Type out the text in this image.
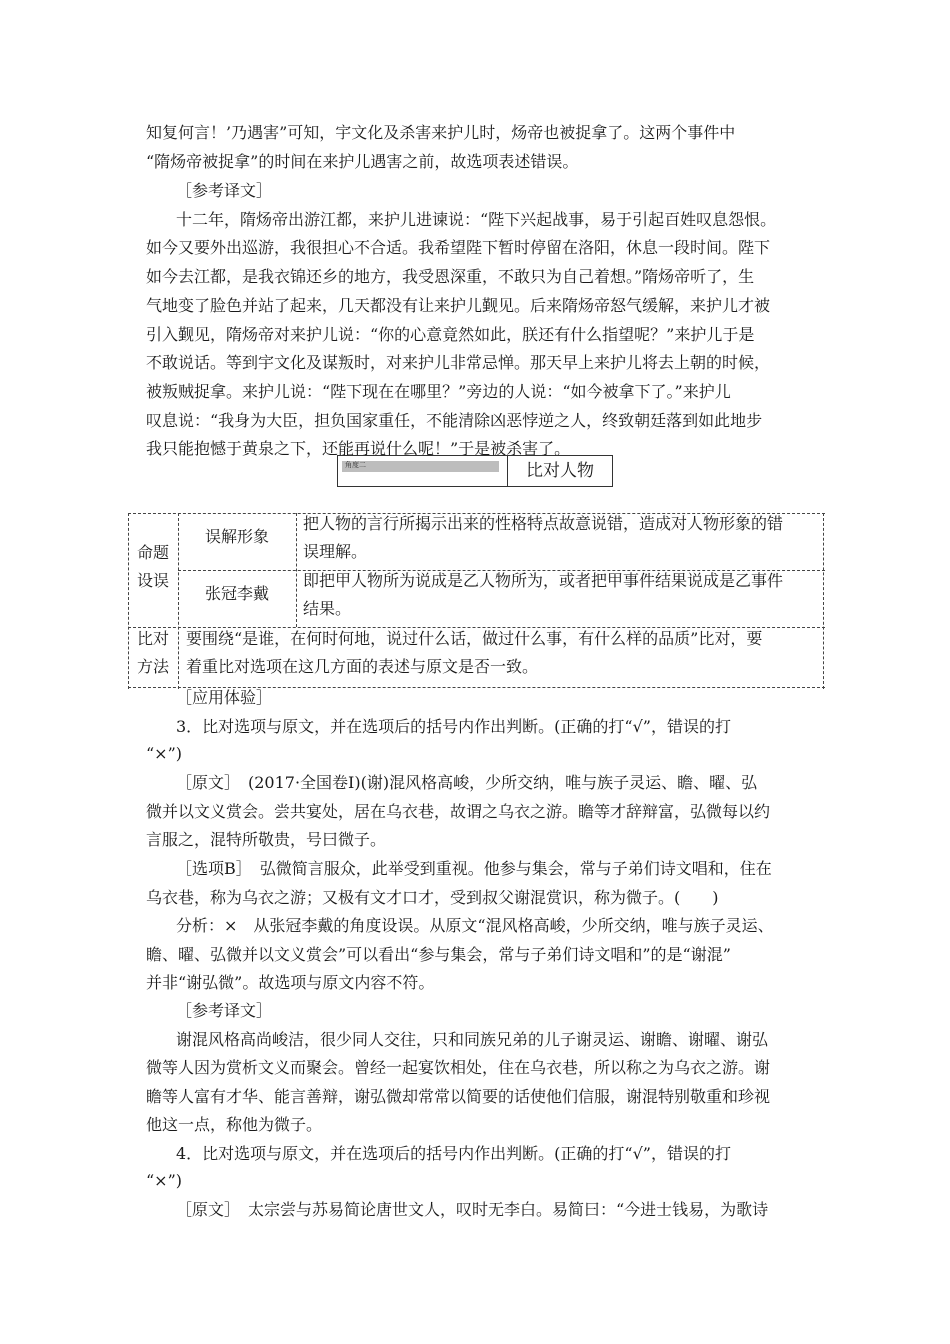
知复何言！’乃遇害”可知，宇文化及杀害来护儿时，炀帝也被捉拿了。这两个事件中
“隋炀帝被捉拿”的时间在来护儿遇害之前，故选项表述错误。
［参考译文］
十二年，隋炀帝出游江都，来护儿进谏说：“陛下兴起战事，易于引起百姓叹息怨恨。
如今又要外出巡游，我很担心不合适。我希望陛下暂时停留在洛阳，休息一段时间。陛下
如今去江都，是我衣锦还乡的地方，我受恩深重，不敢只为自己着想。”隋炀帝听了，生
气地变了脸色并站了起来，几天都没有让来护儿觐见。后来隋炀帝怒气缓解，来护儿才被
引入觐见，隋炀帝对来护儿说：“你的心意竟然如此，朕还有什么指望呢？”来护儿于是
不敢说话。等到宇文化及谋叛时，对来护儿非常忌惮。那天早上来护儿将去上朝的时候，
被叛贼捉拿。来护儿说：“陛下现在在哪里？”旁边的人说：“如今被拿下了。”来护儿
叹息说：“我身为大臣，担负国家重任，不能清除凶恶悖逆之人，终致朝廷落到如此地步
我只能抱憾于黄泉之下，还能再说什么呢！”于是被杀害了。
角度二	比对人物
命题
设误
误解形象
把人物的言行所揭示出来的性格特点故意说错，造成对人物形象的错
误理解。
张冠李戴
即把甲人物所为说成是乙人物所为，或者把甲事件结果说成是乙事件
结果。
比对
方法
要围绕“是谁，在何时何地，说过什么话，做过什么事，有什么样的品质”比对，要
着重比对选项在这几方面的表述与原文是否一致。
［应用体验］
3．比对选项与原文，并在选项后的括号内作出判断。(正确的打“√”，错误的打
“×”)
［原文］　(2017·全国卷Ⅰ)(谢)混风格高峻，少所交纳，唯与族子灵运、瞻、曜、弘
微并以文义赏会。尝共宴处，居在乌衣巷，故谓之乌衣之游。瞻等才辞辩富，弘微每以约
言服之，混特所敬贵，号曰微子。
［选项B］　弘微简言服众，此举受到重视。他参与集会，常与子弟们诗文唱和，住在
乌衣巷，称为乌衣之游；又极有文才口才，受到叔父谢混赏识，称为微子。(　　)
分析：×　从张冠李戴的角度设误。从原文“混风格高峻，少所交纳，唯与族子灵运、
瞻、曜、弘微并以文义赏会”可以看出“参与集会，常与子弟们诗文唱和”的是“谢混”
并非“谢弘微”。故选项与原文内容不符。
［参考译文］
谢混风格高尚峻洁，很少同人交往，只和同族兄弟的儿子谢灵运、谢瞻、谢曜、谢弘
微等人因为赏析文义而聚会。曾经一起宴饮相处，住在乌衣巷，所以称之为乌衣之游。谢
瞻等人富有才华、能言善辩，谢弘微却常常以简要的话使他们信服，谢混特别敬重和珍视
他这一点，称他为微子。
4．比对选项与原文，并在选项后的括号内作出判断。(正确的打“√”，错误的打
“×”)
［原文］　太宗尝与苏易简论唐世文人，叹时无李白。易简曰：“今进士钱易，为歌诗
